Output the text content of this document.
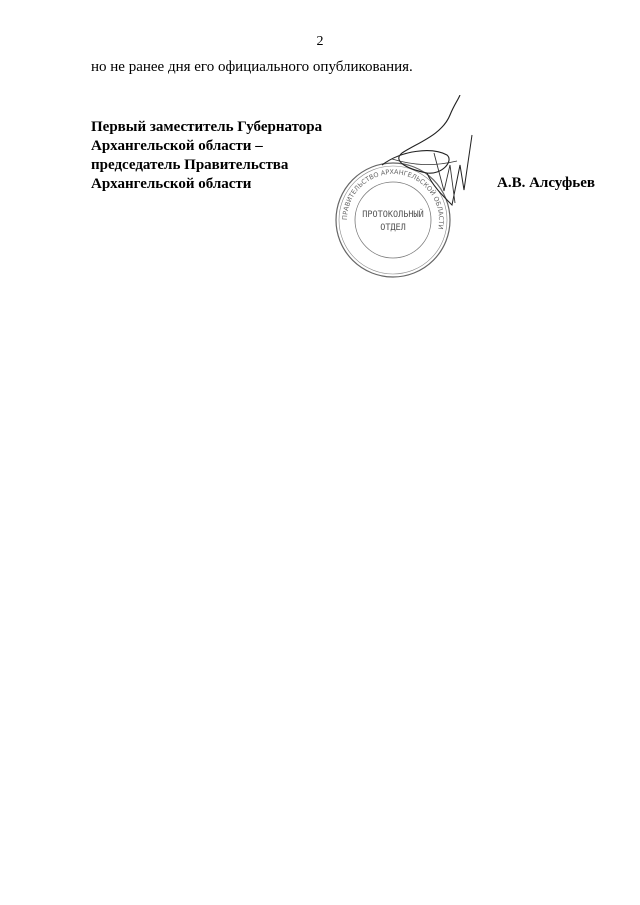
2
но не ранее дня его официального опубликования.
Первый заместитель Губернатора
Архангельской области –
председатель Правительства
Архангельской области	А.В. Алсуфьев
ПРАВИТЕЛЬСТВО АРХАНГЕЛЬСКОЙ ОБЛАСТИ
ПРОТОКОЛЬНЫЙ
ОТДЕЛ
